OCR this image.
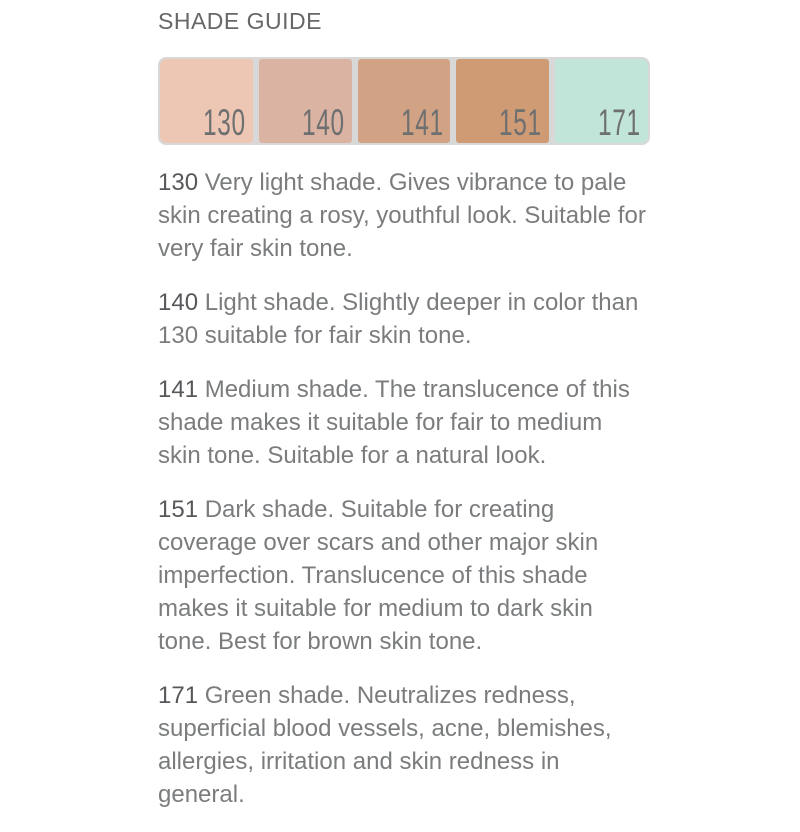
SHADE GUIDE
130 140 141 151 171

130 Very light shade. Gives vibrance to pale skin creating a rosy, youthful look. Suitable for very fair skin tone.

140 Light shade. Slightly deeper in color than 130 suitable for fair skin tone.

141 Medium shade. The translucence of this shade makes it suitable for fair to medium skin tone. Suitable for a natural look.

151 Dark shade. Suitable for creating coverage over scars and other major skin imperfection. Translucence of this shade makes it suitable for medium to dark skin tone. Best for brown skin tone.

171 Green shade. Neutralizes redness, superficial blood vessels, acne, blemishes, allergies, irritation and skin redness in general.
